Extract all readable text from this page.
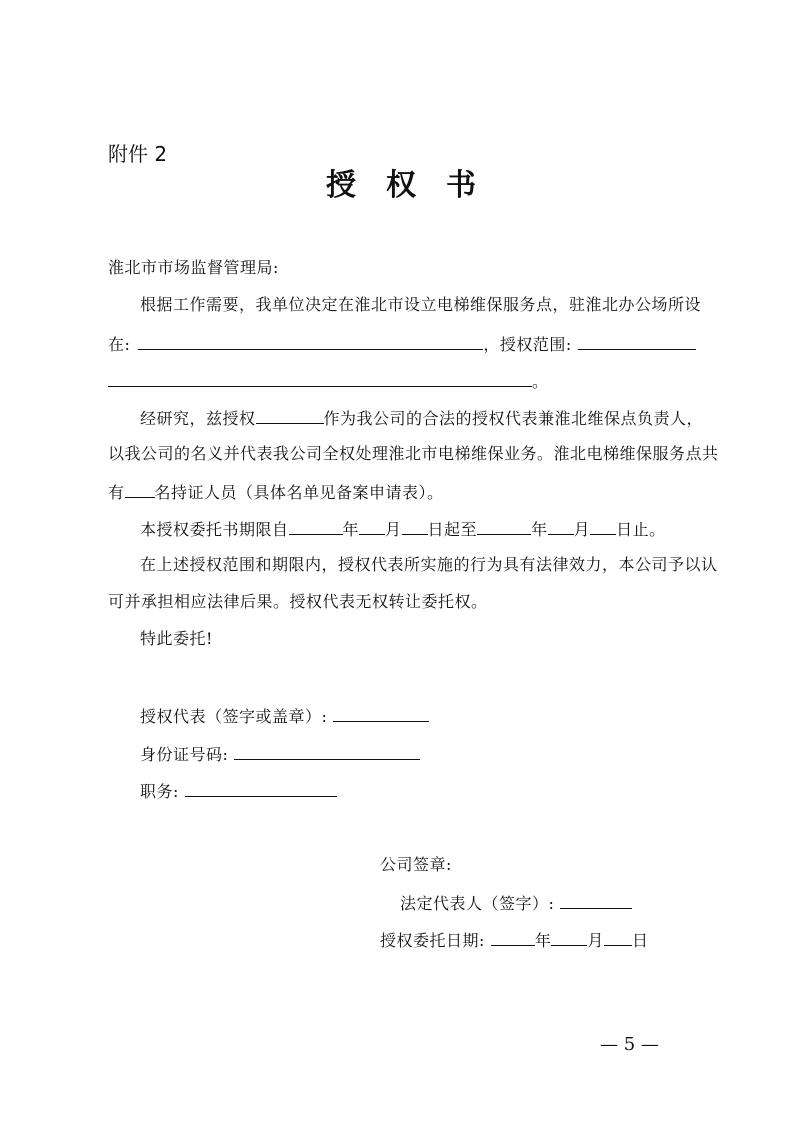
附件 2
授权书
淮北市市场监督管理局:
根据工作需要，我单位决定在淮北市设立电梯维保服务点，驻淮北办公场所设
在:	，授权范围:
。
经研究，兹授权	作为我公司的合法的授权代表兼淮北维保点负责人，
以我公司的名义并代表我公司全权处理淮北市电梯维保业务。淮北电梯维保服务点共
有 名持证人员（具体名单见备案申请表）。
本授权委托书期限自	年 月 日起至	年 月 日止。
在上述授权范围和期限内，授权代表所实施的行为具有法律效力，本公司予以认
可并承担相应法律后果。授权代表无权转让委托权。
特此委托!
授权代表（签字或盖章）:
身份证号码:
职务:
公司签章:
法定代表人（签字）:
授权委托日期:	年 月 日
— 5 —
